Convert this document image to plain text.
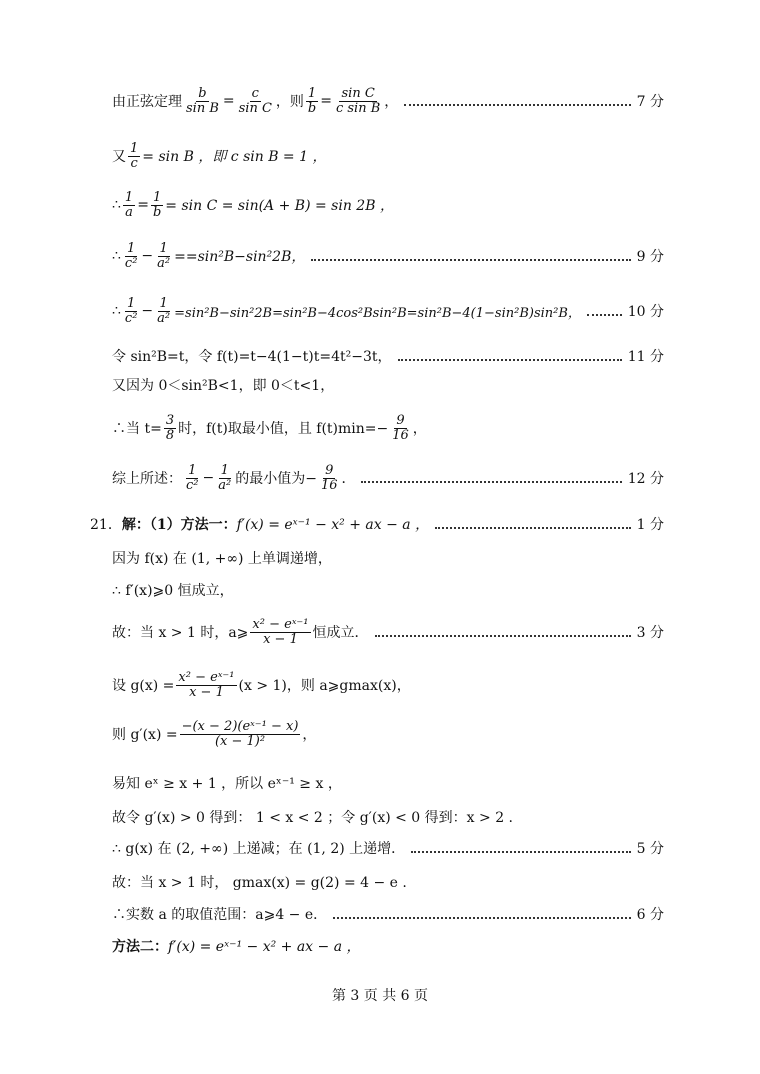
由正弦定理 $\frac{b}{\text{sin B}} = \frac{c}{\text{sin C}}$ ，则 $\frac{1}{b} = \frac{\text{sin C}}{\text{c sin B}}$ ，	7 分
又 $\frac{1}{c} = \sin B$ ，即 c sin B = 1 ，
∴ $\frac{1}{a} = \frac{1}{b} = \sin C = \sin(A + B) = \sin 2B$ ，
∴ $\frac{1}{\text{c²}} - \frac{1}{\text{a²}} ==\sin^2B-\sin^22B$，	9 分
∴ $\frac{1}{\text{c²}} - \frac{1}{\text{a²}} =\sin^2B-\sin^22B=\sin^2B-4\cos^2Bsin^2B=\sin^2B-4(1-\sin^2B)\sin^2B$，	10 分
令 sin²B=t，令 f(t)=t−4(1−t)t=4t²−3t，	11 分
又因为 0＜sin²B<1，即 0＜t<1，
∴当 $t= \frac{3}{8}$ 时，f(t)取最小值，且 $f(t)\min=- \frac{9}{16}$ ，
综上所述： $\frac{1}{\text{c²}} - \frac{1}{\text{a²}}$ 的最小值为− $\frac{9}{16}$ ．	12 分
21． 解：（1）方法一： f′(x) = eˣ⁻¹ − x² + ax − a ，	1 分
因为 f(x) 在 (1, +∞) 上单调递增，
∴ f′(x)⩾0 恒成立，
故：当 x > 1 时，a⩾ $\frac{\text{x² − eˣ⁻¹}}{x - 1}$ 恒成立．	3 分
设 $g(x) = \frac{\text{x² − eˣ⁻¹}}{x - 1} (x > 1)$，则 a⩾gmax(x)，
则 $g'(x) = \frac{\text{−(x − 2)(eˣ⁻¹ − x)}}{\text{(x − 1)²}}$ ，
易知 eˣ ≥ x + 1 ，所以 eˣ⁻¹ ≥ x ，
故令 g′(x) > 0 得到： 1 < x < 2 ；令 g′(x) < 0 得到：x > 2 .
∴ g(x) 在 (2, +∞) 上递减；在 (1, 2) 上递增．	5 分
故：当 x > 1 时， gmax(x) = g(2) = 4 − e .
∴实数 a 的取值范围：a⩾4 − e．	6 分
方法二： f′(x) = eˣ⁻¹ − x² + ax − a ，
第 3 页 共 6 页
